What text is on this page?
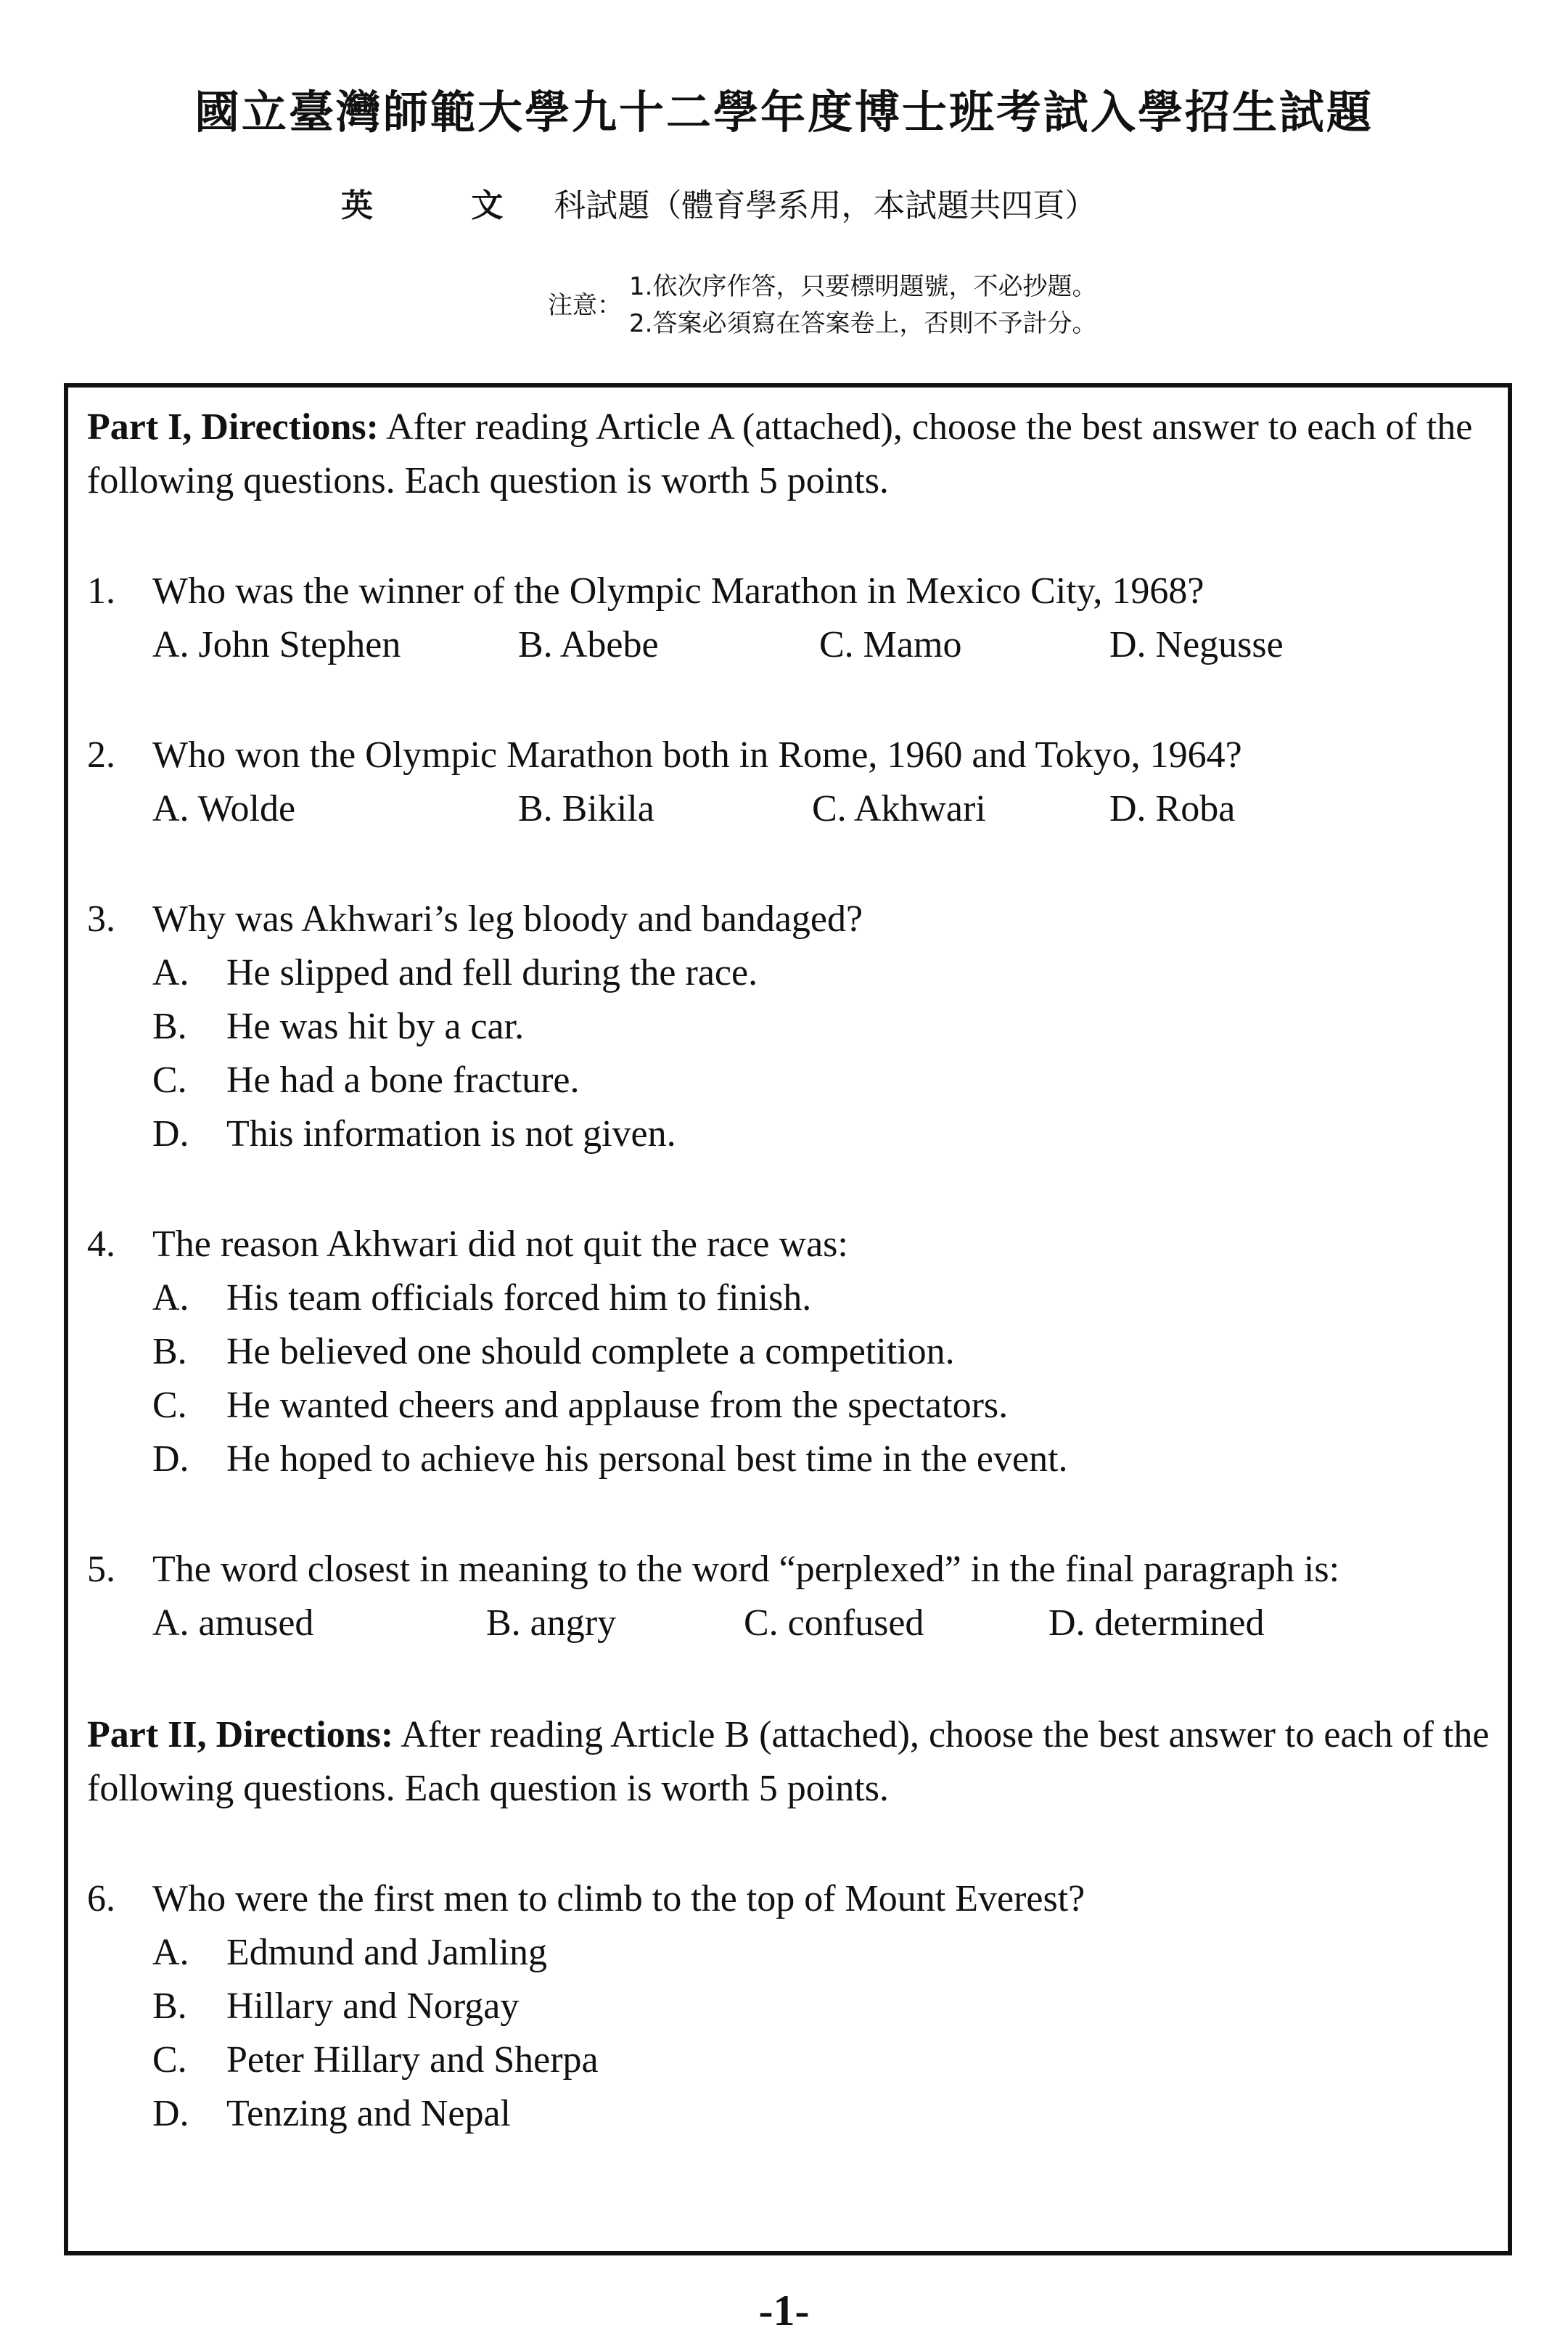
國立臺灣師範大學九十二學年度博士班考試入學招生試題
英 文 科試題（體育學系用，本試題共四頁）
注意：
1.依次序作答，只要標明題號，不必抄題。
2.答案必須寫在答案卷上，否則不予計分。

Part I, Directions: After reading Article A (attached), choose the best answer to each of the following questions. Each question is worth 5 points.

1. Who was the winner of the Olympic Marathon in Mexico City, 1968?
A. John Stephen	B. Abebe	C. Mamo	D. Negusse
2. Who won the Olympic Marathon both in Rome, 1960 and Tokyo, 1964?
A. Wolde	B. Bikila	C. Akhwari	D. Roba
3. Why was Akhwari’s leg bloody and bandaged?
A. He slipped and fell during the race.
B.	He was hit by a car.
C.	He had a bone fracture.
D. This information is not given.
4. The reason Akhwari did not quit the race was:
A. His team officials forced him to finish.
B.	He believed one should complete a competition.
C.	He wanted cheers and applause from the spectators.
D. He hoped to achieve his personal best time in the event.
5. The word closest in meaning to the word “perplexed” in the final paragraph is:
A. amused	B. angry	C. confused	D. determined

Part II, Directions: After reading Article B (attached), choose the best answer to each of the following questions. Each question is worth 5 points.

6. Who were the first men to climb to the top of Mount Everest?
A. Edmund and Jamling
B.	Hillary and Norgay
C.	Peter Hillary and Sherpa
D. Tenzing and Nepal
-1-
